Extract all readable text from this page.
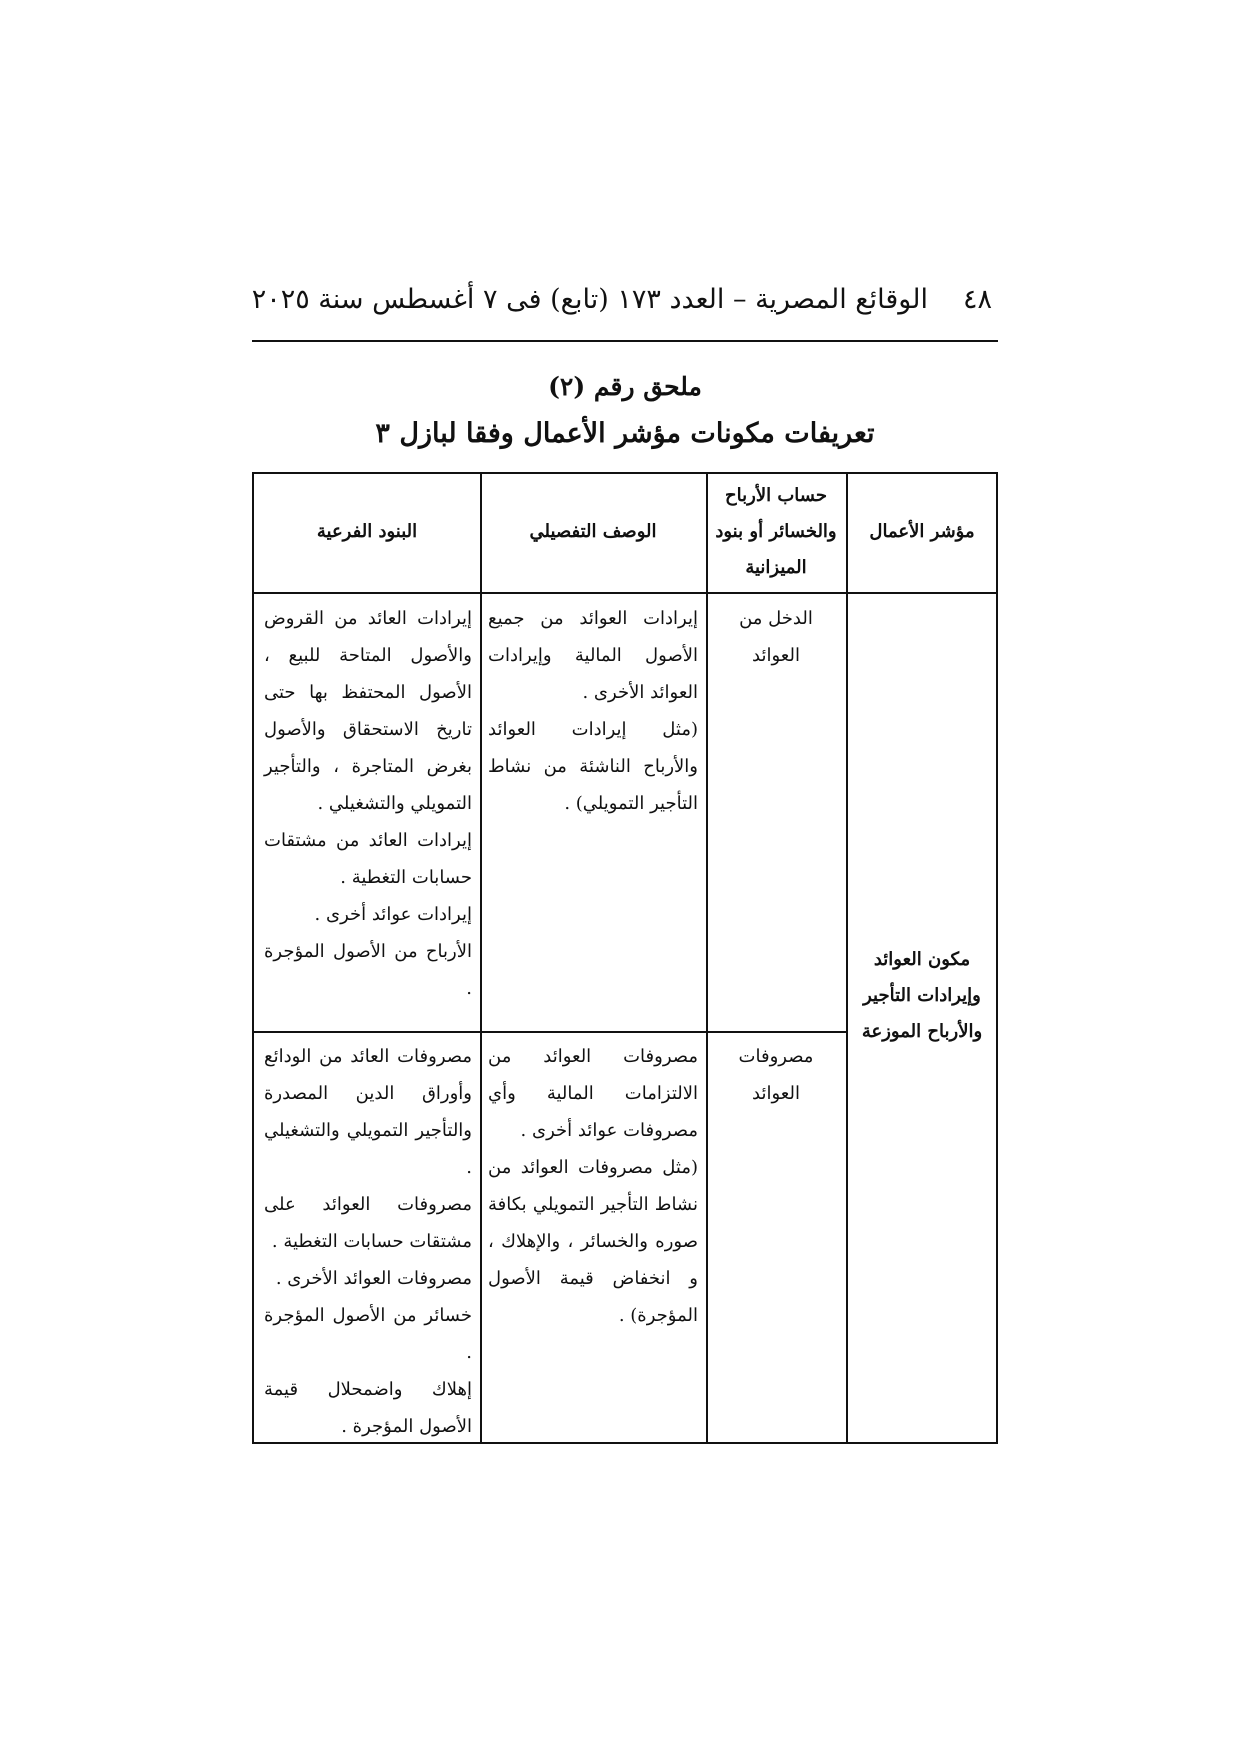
٤٨
الوقائع المصرية – العدد ١٧٣ (تابع) فى ٧ أغسطس سنة ٢٠٢٥
ملحق رقم (٢)
تعريفات مكونات مؤشر الأعمال وفقا لبازل ٣
مؤشر الأعمال
حساب الأرباح والخسائر أو بنود الميزانية
الوصف التفصيلي
البنود الفرعية
مكون العوائد وإيرادات التأجير والأرباح الموزعة
الدخل من العوائد

إيرادات العوائد من جميع الأصول المالية وإيرادات العوائد الأخرى .

(مثل إيرادات العوائد والأرباح الناشئة من نشاط التأجير التمويلي) .

إيرادات العائد من القروض والأصول المتاحة للبيع ، الأصول المحتفظ بها حتى تاريخ الاستحقاق والأصول بغرض المتاجرة ، والتأجير التمويلي والتشغيلي .

إيرادات العائد من مشتقات حسابات التغطية .

إيرادات عوائد أخرى .

الأرباح من الأصول المؤجرة .

مصروفات العوائد

مصروفات العوائد من الالتزامات المالية وأي مصروفات عوائد أخرى .

(مثل مصروفات العوائد من نشاط التأجير التمويلي بكافة صوره والخسائر ، والإهلاك ، و انخفاض قيمة الأصول المؤجرة) .

مصروفات العائد من الودائع وأوراق الدين المصدرة والتأجير التمويلي والتشغيلي .

مصروفات العوائد على مشتقات حسابات التغطية .

مصروفات العوائد الأخرى .

خسائر من الأصول المؤجرة .

إهلاك واضمحلال قيمة الأصول المؤجرة .
